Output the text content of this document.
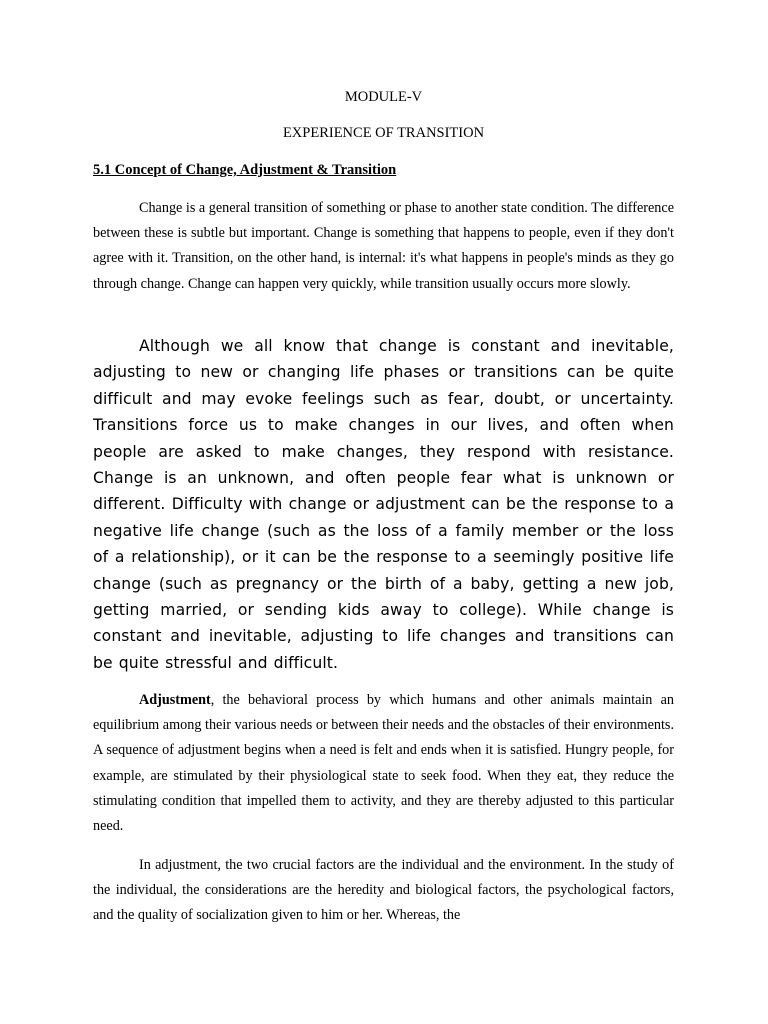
MODULE-V
EXPERIENCE OF TRANSITION
5.1 Concept of Change, Adjustment & Transition

Change is a general transition of something or phase to another state condition. The difference between these is subtle but important. Change is something that happens to people, even if they don't agree with it. Transition, on the other hand, is internal: it's what happens in people's minds as they go through change. Change can happen very quickly, while transition usually occurs more slowly.

Although we all know that change is constant and inevitable, adjusting to new or changing life phases or transitions can be quite difficult and may evoke feelings such as fear, doubt, or uncertainty. Transitions force us to make changes in our lives, and often when people are asked to make changes, they respond with resistance. Change is an unknown, and often people fear what is unknown or different. Difficulty with change or adjustment can be the response to a negative life change (such as the loss of a family member or the loss of a relationship), or it can be the response to a seemingly positive life change (such as pregnancy or the birth of a baby, getting a new job, getting married, or sending kids away to college). While change is constant and inevitable, adjusting to life changes and transitions can be quite stressful and difficult.

Adjustment, the behavioral process by which humans and other animals maintain an equilibrium among their various needs or between their needs and the obstacles of their environments. A sequence of adjustment begins when a need is felt and ends when it is satisfied. Hungry people, for example, are stimulated by their physiological state to seek food. When they eat, they reduce the stimulating condition that impelled them to activity, and they are thereby adjusted to this particular need.

In adjustment, the two crucial factors are the individual and the environment. In the study of the individual, the considerations are the heredity and biological factors, the psychological factors, and the quality of socialization given to him or her. Whereas, the
